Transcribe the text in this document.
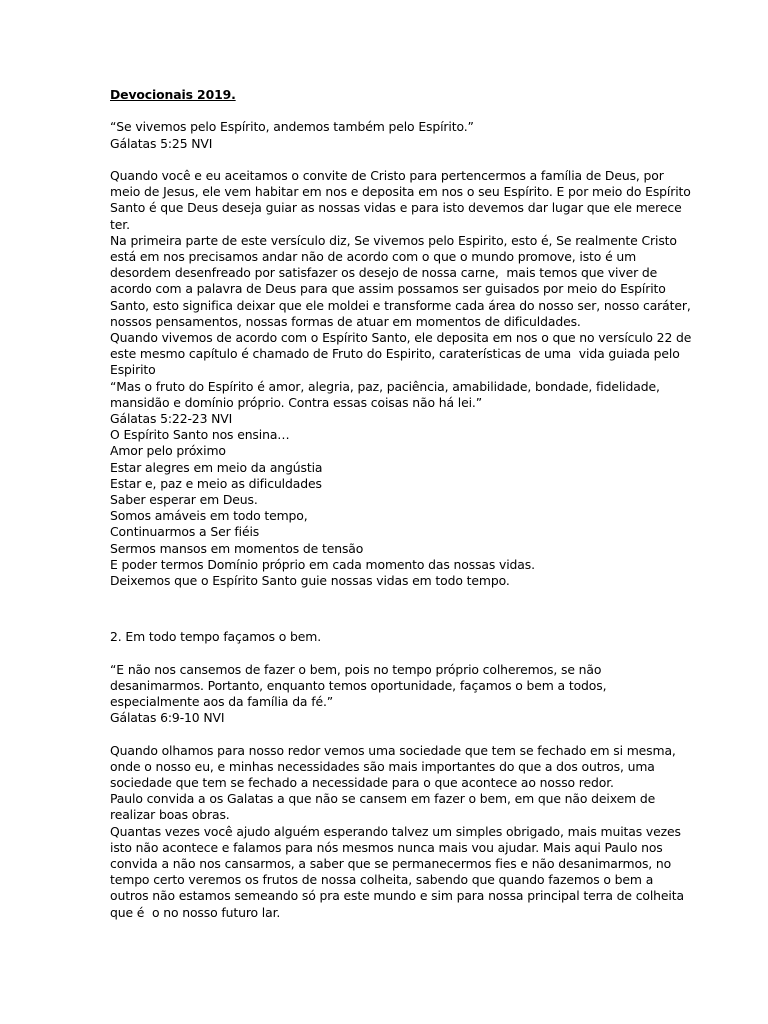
Devocionais 2019.
“Se vivemos pelo Espírito, andemos também pelo Espírito.”
Gálatas 5:25 NVI
Quando você e eu aceitamos o convite de Cristo para pertencermos a família de Deus, por
meio de Jesus, ele vem habitar em nos e deposita em nos o seu Espírito. E por meio do Espírito
Santo é que Deus deseja guiar as nossas vidas e para isto devemos dar lugar que ele merece
ter.
Na primeira parte de este versículo diz, Se vivemos pelo Espirito, esto é, Se realmente Cristo
está em nos precisamos andar não de acordo com o que o mundo promove, isto é um
desordem desenfreado por satisfazer os desejo de nossa carne,  mais temos que viver de
acordo com a palavra de Deus para que assim possamos ser guisados por meio do Espírito
Santo, esto significa deixar que ele moldei e transforme cada área do nosso ser, nosso caráter,
nossos pensamentos, nossas formas de atuar em momentos de dificuldades.
Quando vivemos de acordo com o Espírito Santo, ele deposita em nos o que no versículo 22 de
este mesmo capítulo é chamado de Fruto do Espirito, caraterísticas de uma  vida guiada pelo
Espirito
“Mas o fruto do Espírito é amor, alegria, paz, paciência, amabilidade, bondade, fidelidade,
mansidão e domínio próprio. Contra essas coisas não há lei.”
Gálatas 5:22-23 NVI
O Espírito Santo nos ensina…
Amor pelo próximo
Estar alegres em meio da angústia
Estar e, paz e meio as dificuldades
Saber esperar em Deus.
Somos amáveis em todo tempo,
Continuarmos a Ser fiéis
Sermos mansos em momentos de tensão
E poder termos Domínio próprio em cada momento das nossas vidas.
Deixemos que o Espírito Santo guie nossas vidas em todo tempo.
2. Em todo tempo façamos o bem.
“E não nos cansemos de fazer o bem, pois no tempo próprio colheremos, se não
desanimarmos. Portanto, enquanto temos oportunidade, façamos o bem a todos,
especialmente aos da família da fé.”
Gálatas 6:9-10 NVI
Quando olhamos para nosso redor vemos uma sociedade que tem se fechado em si mesma,
onde o nosso eu, e minhas necessidades são mais importantes do que a dos outros, uma
sociedade que tem se fechado a necessidade para o que acontece ao nosso redor.
Paulo convida a os Galatas a que não se cansem em fazer o bem, em que não deixem de
realizar boas obras.
Quantas vezes você ajudo alguém esperando talvez um simples obrigado, mais muitas vezes
isto não acontece e falamos para nós mesmos nunca mais vou ajudar. Mais aqui Paulo nos
convida a não nos cansarmos, a saber que se permanecermos fies e não desanimarmos, no
tempo certo veremos os frutos de nossa colheita, sabendo que quando fazemos o bem a
outros não estamos semeando só pra este mundo e sim para nossa principal terra de colheita
que é  o no nosso futuro lar.
